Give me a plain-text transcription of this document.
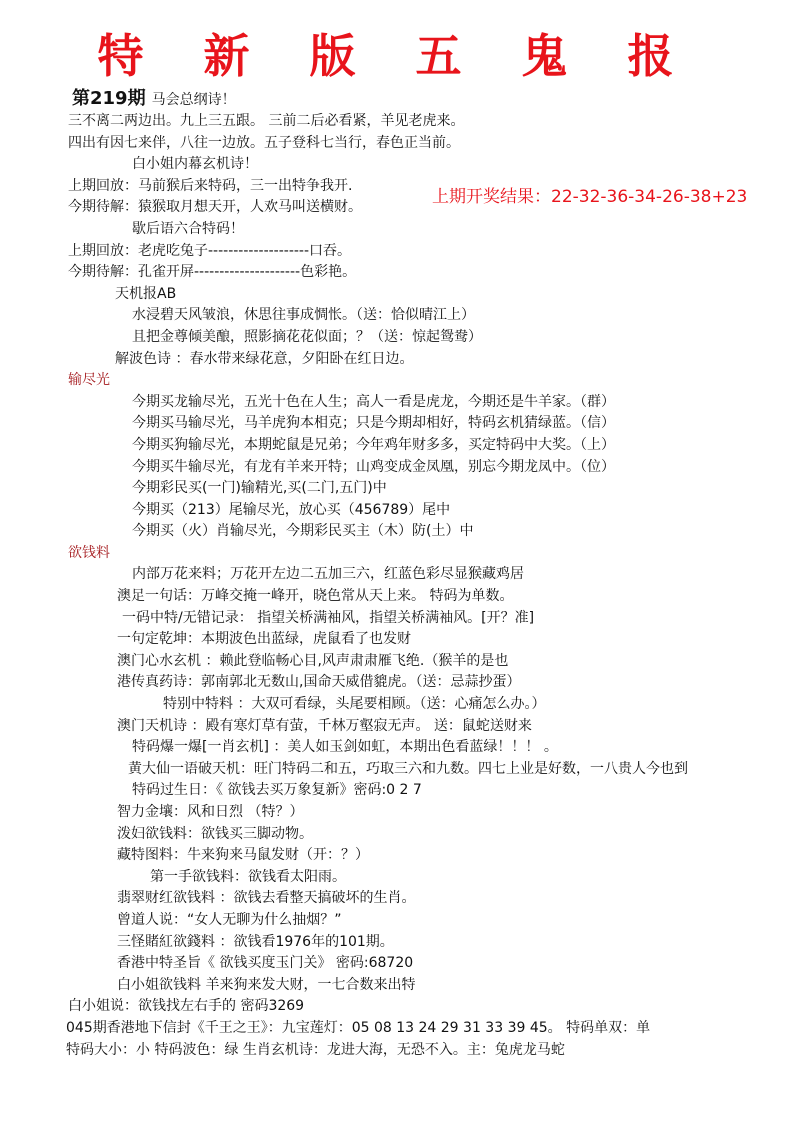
特 新 版 五 鬼 报
上期开奖结果：22-32-36-34-26-38+23
第219期 马会总纲诗！
三不离二两边出。九上三五跟。 三前二后必看紧，羊见老虎来。
四出有因七来伴，八往一边放。五子登科七当行，春色正当前。
白小姐内幕玄机诗！
上期回放：马前猴后来特码，三一出特争我开.
今期待解：猿猴取月想天开，人欢马叫送横财。
歇后语六合特码！
上期回放：老虎吃兔子--------------------口吞。
今期待解：孔雀开屏---------------------色彩艳。
天机报AB
水浸碧天风皱浪，休思往事成惆怅。（送：恰似晴江上）
且把金尊倾美酿，照影摘花花似面；？（送：惊起鸳鸯）
解波色诗 ：春水带来绿花意，夕阳卧在红日边。
输尽光
今期买龙输尽光，五光十色在人生；高人一看是虎龙，今期还是牛羊家。（群）
今期买马输尽光，马羊虎狗本相克；只是今期却相好，特码玄机猜绿蓝。（信）
今期买狗输尽光，本期蛇鼠是兄弟；今年鸡年财多多，买定特码中大奖。（上）
今期买牛输尽光，有龙有羊来开特；山鸡变成金凤凰，别忘今期龙凤中。（位）
今期彩民买(一门)输精光,买(二门,五门)中
今期买（213）尾输尽光，放心买（456789）尾中
今期买（火）肖输尽光，今期彩民买主（木）防(土）中
欲钱料
内部万花来料；万花开左边二五加三六，红蓝色彩尽显猴藏鸡居
澳足一句话：万峰交掩一峰开，晓色常从天上来。 特码为单数。
一码中特/无错记录： 指望关桥满袖风，指望关桥满袖风。[开？准]
一句定乾坤：本期波色出蓝绿，虎鼠看了也发财
澳门心水玄机 ：赖此登临畅心目,风声肃肃雁飞绝.（猴羊的是也
港传真药诗：郭南郭北无数山,国命天威借貔虎。（送：忌蒜抄蛋）
特别中特料 ：大双可看绿，头尾要相顾。（送：心痛怎么办。）
澳门天机诗 ：殿有寒灯草有萤，千林万壑寂无声。 送：鼠蛇送财来
特码爆一爆[一肖玄机] ：美人如玉剑如虹，本期出色看蓝绿！！！ 。
黄大仙一语破天机：旺门特码二和五，巧取三六和九数。四七上业是好数，一八贵人今也到
特码过生日：《 欲钱去买万象复新》密码:0 2 7
智力金壤：风和日烈 （特？）
泼妇欲钱料：欲钱买三脚动物。
藏特图料：牛来狗来马鼠发财（开：？）
第一手欲钱料：欲钱看太阳雨。
翡翠财红欲钱料 ：欲钱去看整天搞破坏的生肖。
曾道人说：“女人无聊为什么抽烟？”
三怪賭紅欲錢料 ：欲钱看1976年的101期。
香港中特圣旨《 欲钱买度玉门关》 密码:68720
白小姐欲钱料 羊来狗来发大财，一七合数来出特
白小姐说：欲钱找左右手的 密码3269
045期香港地下信封《千王之王》：九宝莲灯：05 08 13 24 29 31 33 39 45。 特码单双：单
特码大小：小 特码波色：绿 生肖玄机诗：龙进大海，无恐不入。主：兔虎龙马蛇
